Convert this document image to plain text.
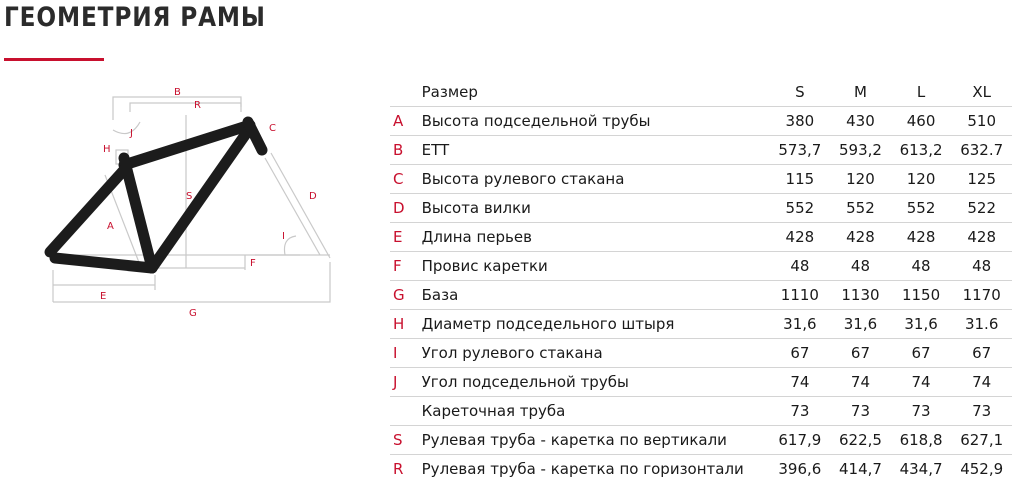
ГЕОМЕТРИЯ РАМЫ
B
R
C
J
H
S	D
A
I
F
E
G
	Размер	S	M	L	XL
A	Высота подседельной трубы	380	430	460	510
B	ETT	573,7	593,2	613,2	632.7
C	Высота рулевого стакана	115	120	120	125
D	Высота вилки	552	552	552	522
E	Длина перьев	428	428	428	428
F	Провис каретки	48	48	48	48
G	База	1110	1130	1150	1170
H	Диаметр подседельного штыря	31,6	31,6	31,6	31.6
I	Угол рулевого стакана	67	67	67	67
J	Угол подседельной трубы	74	74	74	74
	Кареточная труба	73	73	73	73
S	Рулевая труба - каретка по вертикали	617,9	622,5	618,8	627,1
R	Рулевая труба - каретка по горизонтали	396,6	414,7	434,7	452,9
